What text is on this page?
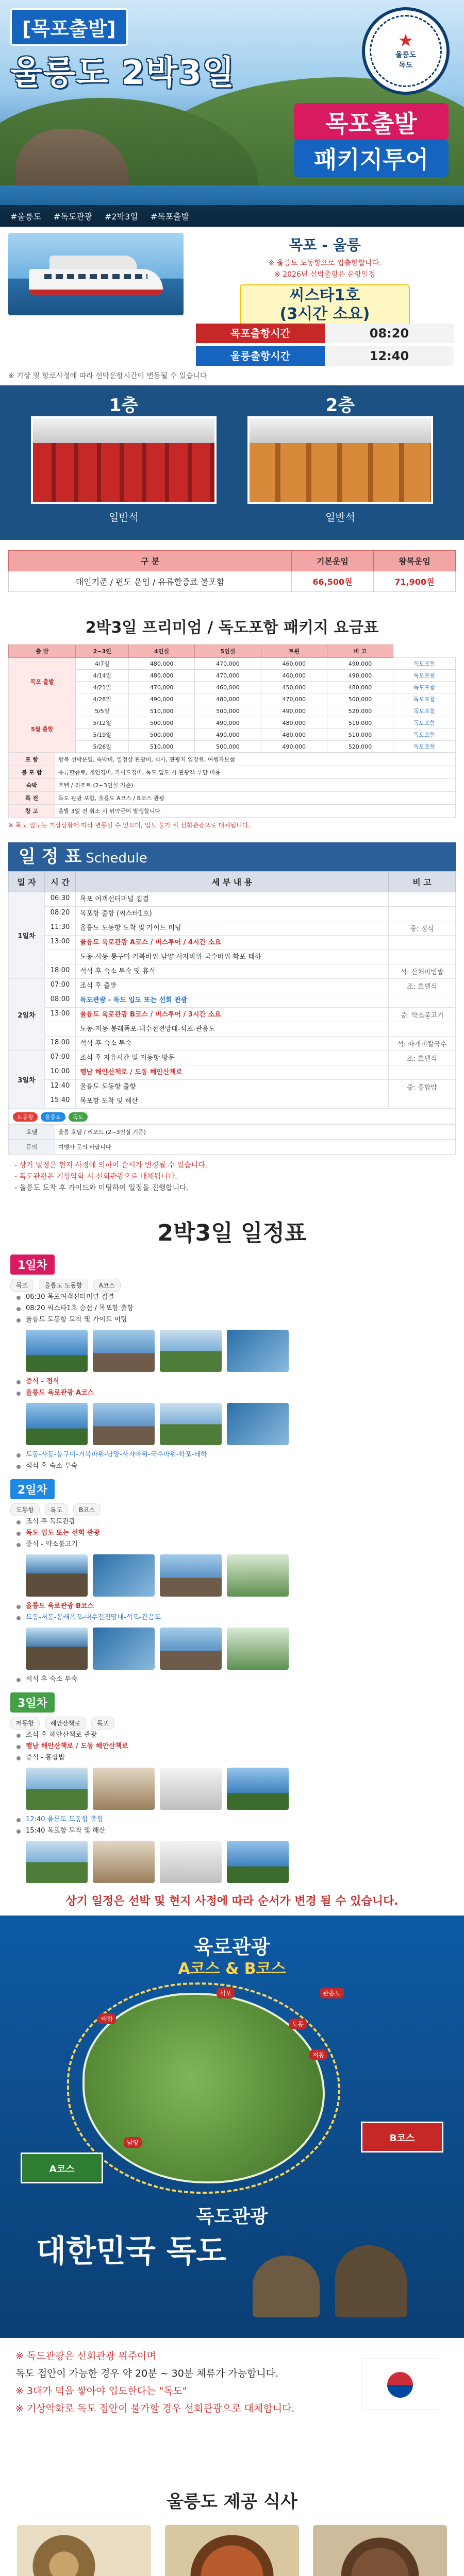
[목포출발]
울릉도 2박3일
★
울릉도
독도
목포출발
패키지투어
#울릉도 #독도관광 #2박3일 #목포출발
목포 - 울릉
※ 울릉도 도동항으로 입출항합니다.
※ 2026년 선박출항은 운항일정
씨스타1호
(3시간 소요)
목포출항시간	08:20
울릉출항시간	12:40
※ 기상 및 항로사정에 따라 선박운항시간이 변동될 수 있습니다
1층
일반석
2층
일반석
구 분	기본운임	왕복운임
대인기준 / 편도 운임 / 유류할증료 불포함	66,500원	71,900원
2박3일 프리미엄 / 독도포함 패키지 요금표
출 발	2~3인	4인실	5인실	트윈	비 고	
목포 출발	4/7일	480,000	470,000	460,000	490,000	독도포함
	4/14일	480,000	470,000	460,000	490,000	독도포함
	4/21일	470,000	460,000	450,000	480,000	독도포함
	4/28일	490,000	480,000	470,000	500,000	독도포함
5월 출발	5/5일	510,000	500,000	490,000	520,000	독도포함
	5/12일	500,000	490,000	480,000	510,000	독도포함
	5/19일	500,000	490,000	480,000	510,000	독도포함
	5/26일	510,000	500,000	490,000	520,000	독도포함
포 함	왕복 선박운임, 숙박비, 일정상 관광비, 식사, 관광지 입장료, 여행자보험
불 포 함	유류할증료, 개인경비, 가이드경비, 독도 입도 시 관광객 부담 비용
숙박	호텔 / 리조트 (2~3인실 기준)
특 전	독도 관광 포함, 울릉도 A코스 / B코스 관광
참 고	출발 3일 전 취소 시 위약금이 발생합니다
※ 독도 입도는 기상상황에 따라 변동될 수 있으며, 입도 불가 시 선회관광으로 대체됩니다.
일 정 표 Schedule
일 자	시 간	세 부 내 용	비 고
1일차	06:30	목포 여객선터미널 집결	

	08:20	목포항 출항 (씨스타1호)	

	11:30	울릉도 도동항 도착 및 가이드 미팅	중: 정식
	13:00	울릉도 육로관광 A코스 / 버스투어 / 4시간 소요	

		도동-사동-통구미-거북바위-남양-사자바위-국수바위-학포-태하	

	18:00	석식 후 숙소 투숙 및 휴식	석: 산채비빔밥
2일차	07:00	조식 후 출발	조: 호텔식
	08:00	독도관광 - 독도 입도 또는 선회 관광	

	13:00	울릉도 육로관광 B코스 / 버스투어 / 3시간 소요	중: 약소불고기

		도동-저동-봉래폭포-내수전전망대-석포-관음도	

	18:00	석식 후 숙소 투숙	석: 따개비칼국수
3일차	07:00	조식 후 자유시간 및 저동항 방문	조: 호텔식
	10:00	행남 해안산책로 / 도동 해안산책로	

	12:40	울릉도 도동항 출항	중: 홍합밥
	15:40	목포항 도착 및 해산	

도동항 울릉도 독도			
호텔	울릉 호텔 / 리조트 (2~3인실 기준)
문의	여행사 문의 바랍니다
- 상기 일정은 현지 사정에 의하여 순서가 변경될 수 있습니다.
- 독도관광은 기상악화 시 선회관광으로 대체됩니다.
- 울릉도 도착 후 가이드와 미팅하여 일정을 진행합니다.
2박3일 일정표
1일차
목포	울릉도 도동항	A코스
06:30 목포여객선터미널 집결
08:20 씨스타1호 승선 / 목포항 출항
울릉도 도동항 도착 및 가이드 미팅
중식 - 정식
울릉도 육로관광 A코스
도동-사동-통구미-거북바위-남양-사자바위-국수바위-학포-태하
석식 후 숙소 투숙
2일차
도동항	독도	B코스
조식 후 독도관광
독도 입도 또는 선회 관광
중식 - 약소불고기
울릉도 육로관광 B코스
도동-저동-봉래폭포-내수전전망대-석포-관음도
석식 후 숙소 투숙
3일차
저동항	해안산책로	목포
조식 후 해안산책로 관광
행남 해안산책로 / 도동 해안산책로
중식 - 홍합밥
12:40 울릉도 도동항 출항
15:40 목포항 도착 및 해산
상기 일정은 선박 및 현지 사정에 따라 순서가 변경 될 수 있습니다.
육로관광
A코스 & B코스
도동
저동
태하
관음도
석포
남양
A코스
B코스
독도관광
대한민국 독도
※ 독도관광은 선회관광 위주이며
독도 접안이 가능한 경우 약 20분 ~ 30분 체류가 가능합니다.
※ 3대가 덕을 쌓아야 입도한다는 "독도"
※ 기상악화로 독도 접안이 불가할 경우 선회관광으로 대체합니다.
울릉도 제공 식사
